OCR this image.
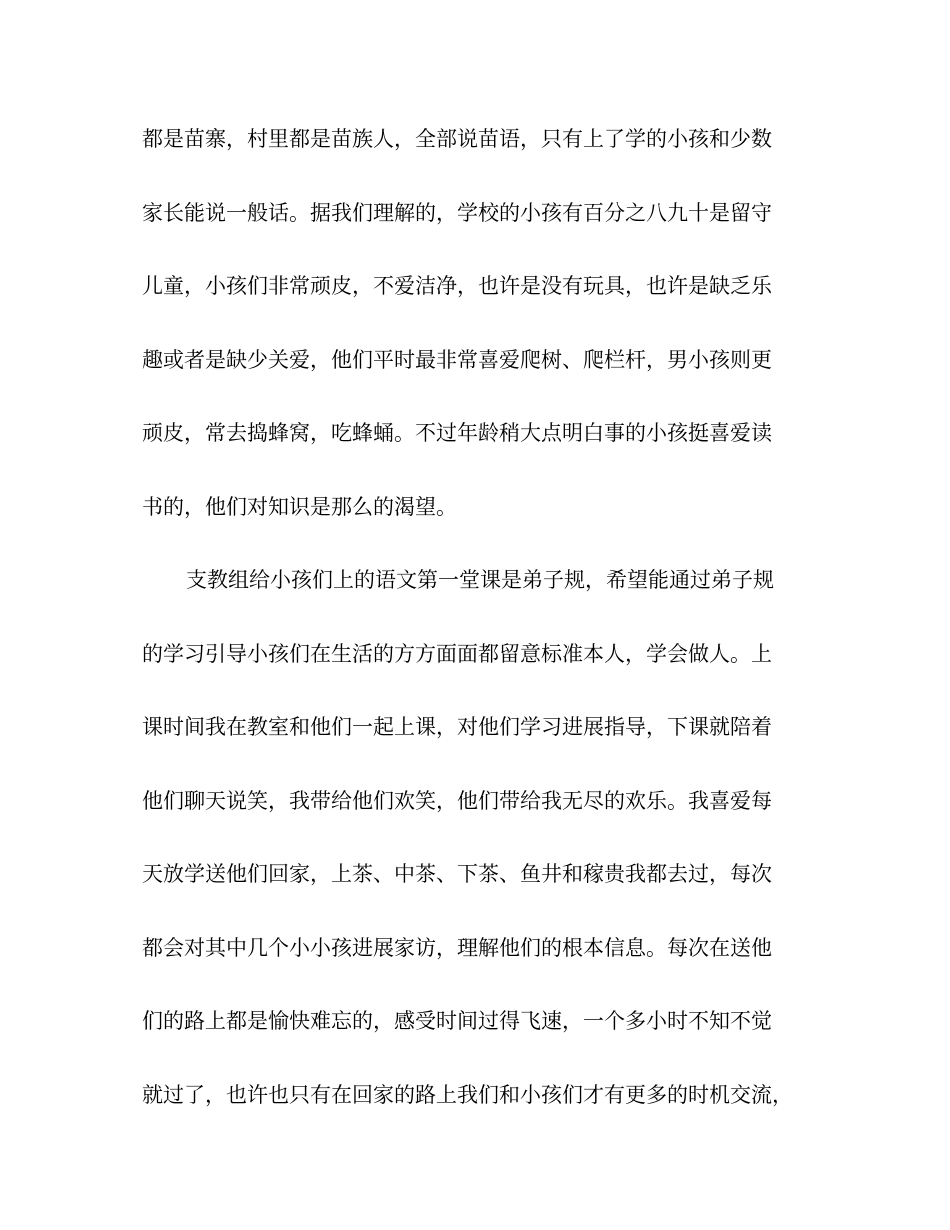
都是苗寨，村里都是苗族人，全部说苗语，只有上了学的小孩和少数
家长能说一般话。据我们理解的，学校的小孩有百分之八九十是留守
儿童，小孩们非常顽皮，不爱洁净，也许是没有玩具，也许是缺乏乐
趣或者是缺少关爱，他们平时最非常喜爱爬树、爬栏杆，男小孩则更
顽皮，常去捣蜂窝，吃蜂蛹。不过年龄稍大点明白事的小孩挺喜爱读
书的，他们对知识是那么的渴望。
支教组给小孩们上的语文第一堂课是弟子规，希望能通过弟子规
的学习引导小孩们在生活的方方面面都留意标准本人，学会做人。上
课时间我在教室和他们一起上课，对他们学习进展指导，下课就陪着
他们聊天说笑，我带给他们欢笑，他们带给我无尽的欢乐。我喜爱每
天放学送他们回家，上茶、中茶、下茶、鱼井和稼贵我都去过，每次
都会对其中几个小小孩进展家访，理解他们的根本信息。每次在送他
们的路上都是愉快难忘的，感受时间过得飞速，一个多小时不知不觉
就过了，也许也只有在回家的路上我们和小孩们才有更多的时机交流，
